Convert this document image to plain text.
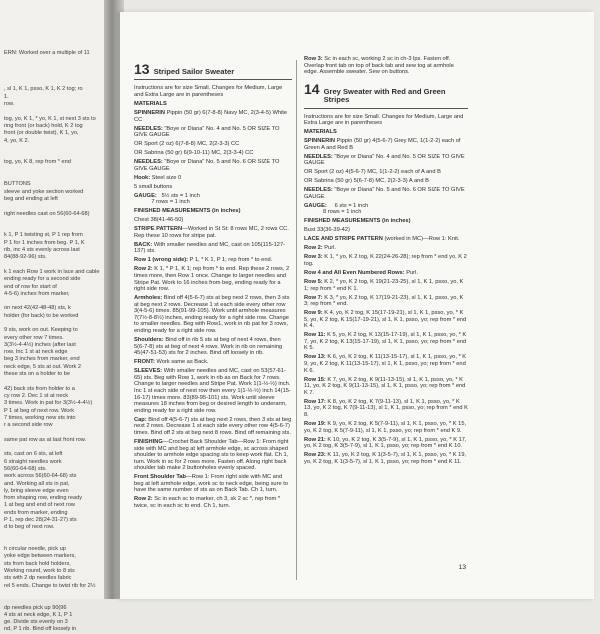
ERN: Worked over a multiple of 11

, sl 1, K 1, psso, K 1, K 2 tog; ro
1.
row.

tog, yo, K 1, * yo, K 1, st next 3 sts to
ring front (or back) hold, K 2 tog
front (or double twist), K 1, yo,
4, yo, K 2.

tog, yo, K 8, rep from * end

BUTTONS
sleeve and yoke section worked
beg and ending at left

right needles cast on 56(60-64-68)

k 1, P 1 twisting st, P 1 rep from
P 1 for 1 inches from beg. P 1, K
rib, inc 4 sts evenly across last
84(88-92-96) sts.

k 1 each Row 1 work in lace and cable
ending ready for a second side
end of row for start of
4-5-6) inches from marker,

on next 42(42-48-48) sts, k
holder (for back) to be worked

9 sts, work on out. Keeping to
every other row 7 times.
3(3½-4-4½) inches (after last
row. Inc 1 st at neck edge
beg 3 inches from marker, end
neck edge, 5 sts at out. Work 2
these sts on a holder to be

42) back sts from holder to a
cy row 2. Dec 1 st at neck
3 times. Work in pat for 3(3½-4-4½)
P 1 at beg of next row. Work
7 times, working new sts into
r a second side row

same pat row as at last front row.

sts, cast on 6 sts, at left
6 straight needles work
56(60-64-68) sts.
work across 56(60-64-68) sts
and. Working all sts in pat,
ly, bring sleeve edge even
from shaping row, ending ready
1 at beg and end of next row
ends from marker, ending
P 1, rep dec 28(24-31-27) sts
d to beg of next row.

h circular needle, pick up
yoke edge between markers,
sts from back hold holders,
Working round, work to 8 sts
sts with 2 dp needles fabric
rel 5 ends. Change to twist rib for 2½

dp needles pick up 90(96
4 sts at neck edge, K 1, P 1
ge. Divide sts evenly on 3
nd, P 1 rib. Bind off loosely in
13 Striped Sailor Sweater

Instructions are for size Small. Changes for Medium, Large and Extra Large are in parentheses

MATERIALS

SPINNERIN Pippin (50 gr) 6(7-8-8) Navy MC, 2(3-4-5) White CC

NEEDLES: "Boye or Diana" No. 4 and No. 5 OR SIZE TO GIVE GAUGE

OR Sport (2 oz) 6(7-8-8) MC, 2(2-3-3) CC

OR Sabrina (50 gr) 6(9-10-11) MC, 2(3-3-4) CC

NEEDLES: "Boye or Diana" No. 5 and No. 6 OR SIZE TO GIVE GAUGE

Hook: Steel size 0

5 small buttons

GAUGE: 5½ sts = 1 inch
7 rows = 1 inch

FINISHED MEASUREMENTS (in inches)

Chest 38(41-46-50)

STRIPE PATTERN—Worked in St St: 8 rows MC, 2 rows CC. Rep these 10 rows for stripe pat.

BACK: With smaller needles and MC, cast on 105(115-127-137) sts.

Row 1 (wrong side): P 1, * K 1, P 1; rep from * to end.

Row 2: K 1, * P 1, K 1; rep from * to end. Rep these 2 rows, 2 times more, then Row 1 once. Change to larger needles and Stripe Pat. Work to 16 inches from beg, ending ready for a right side row.

Armholes: Bind off 4(5-6-7) sts at beg next 2 rows, then 3 sts at beg next 2 rows. Decrease 1 st each side every other row 3(4-5-6) times. 85(91-99-105). Work until armhole measures 7(7½-8-8½) inches, ending ready for a right side row. Change to smaller needles. Beg with Row1, work in rib pat for 3 rows, ending ready for a right side row.

Shoulders: Bind off in rib 5 sts at beg of next 4 rows, then 5(6-7-8) sts at beg of next 4 rows. Work in rib on remaining 45(47-51-53) sts for 2 inches. Bind off loosely in rib.

FRONT: Work same as Back.

SLEEVES: With smaller needles and MC, cast on 53(57-61-65) sts. Beg with Row 1, work in rib as on Back for 7 rows. Change to larger needles and Stripe Pat. Work 1(1-½-½) inch. Inc 1 st each side of next row then every 1(1-½-½) inch 14(15-16-17) times more. 83(89-95-101) sts. Work until sleeve measures 18 inches from beg or desired length to underarm, ending ready for a right side row.

Cap: Bind off 4(5-6-7) sts at beg next 2 rows, then 3 sts at beg next 2 rows. Decrease 1 st each side every other row 4(5-6-7) times. Bind off 2 sts at beg next 8 rows. Bind off remaining sts.

FINISHING—Crochet Back Shoulder Tab—Row 1: From right side with MC and beg at left armhole edge, sc across shaped shoulder to armhole edge spacing sts to keep work flat. Ch 1, turn. Work in sc for 2 rows more. Fasten off. Along right back shoulder tab make 2 buttonholes evenly spaced.

Front Shoulder Tab—Row 1: From right side with MC and beg at left armhole edge, work sc to neck edge, being sure to have the same number of sts as on Back Tab. Ch 1, turn.

Row 2: Sc in each sc to marker, ch 3, sk 2 sc *, rep from * twice, sc in each sc to end. Ch 1, turn.

Row 3: Sc in each sc, working 2 sc in ch-3 lps. Fasten off. Overlap front tab on top of back tab and sew tog at armhole edge. Assemble sweater. Sew on buttons.

14 Grey Sweater with Red and Green Stripes

Instructions are for size Small. Changes for Medium, Large and Extra Large are in parentheses

MATERIALS

SPINNERIN Pippin (50 gr) 4(5-6-7) Grey MC, 1(1-2-2) each of Green A and Red B

NEEDLES: "Boye or Diana" No. 4 and No. 5 OR SIZE TO GIVE GAUGE

OR Sport (2 oz) 4(5-6-7) MC, 1(1-2-2) each of A and B

OR Sabrina (50 gr) 5(6-7-8) MC, 2(2-3-3) A and B

NEEDLES: "Boye or Diana" No. 5 and No. 6 OR SIZE TO GIVE GAUGE

GAUGE: 6 sts = 1 inch
8 rows = 1 inch

FINISHED MEASUREMENTS (in inches)

Bust 33(36-39-42)

LACE AND STRIPE PATTERN (worked in MC)—Row 1: Knit.

Row 2: Purl.

Row 3: K 1, * yo, K 2 tog, K 22(24-26-28); rep from * end yo, K 2 tog.

Row 4 and All Even Numbered Rows: Purl.

Row 5: K 2, * yo, K 2 tog, K 19(21-23-25), sl 1, K 1, psso, yo, K 1; rep from * end K 1.

Row 7: K 3, * yo, K 2 tog, K 17(19-21-23), sl 1, K 1, psso, yo, K 3; rep from * end.

Row 9: K 4, yo, K 2 tog, K 15(17-19-21), sl 1, K 1, psso, yo, * K 5, yo, K 2 tog, K 15(17-19-21), sl 1, K 1, psso, yo; rep from * end K 4.

Row 11: K 5, yo, K 2 tog, K 13(15-17-19), sl 1, K 1, psso, yo, * K 7, yo, K 2 tog, K 13(15-17-19), sl 1, K 1, psso, yo; rep from * end K 5.

Row 13: K 6, yo, K 2 tog, K 11(13-15-17), sl 1, K 1, psso, yo, * K 9, yo, K 2 tog, K 11(13-15-17), sl 1, K 1, psso, yo; rep from * end K 6.

Row 15: K 7, yo, K 2 tog, K 9(11-13-15), sl 1, K 1, psso, yo, * K 11, yo, K 2 tog, K 9(11-13-15), sl 1, K 1, psso, yo; rep from * end K 7.

Row 17: K 8, yo, K 2 tog, K 7(9-11-13), sl 1, K 1, psso, yo, * K 13, yo, K 2 tog, K 7(9-11-13), sl 1, K 1, psso, yo; rep from * end K 8.

Row 19: K 9, yo, K 2 tog, K 5(7-9-11), sl 1, K 1, psso, yo, * K 15, yo, K 2 tog, K 5(7-9-11), sl 1, K 1, psso, yo; rep from * end K 9.

Row 21: K 10, yo, K 2 tog, K 3(5-7-9), sl 1, K 1, psso, yo, * K 17, yo, K 2 tog, K 3(5-7-9), sl 1, K 1, psso, yo; rep from * end K 10.

Row 23: K 11, yo, K 2 tog, K 1(3-5-7), sl 1, K 1, psso, yo, * K 19, yo, K 2 tog, K 1(3-5-7), sl 1, K 1, psso, yo; rep from * end K 11.

13
